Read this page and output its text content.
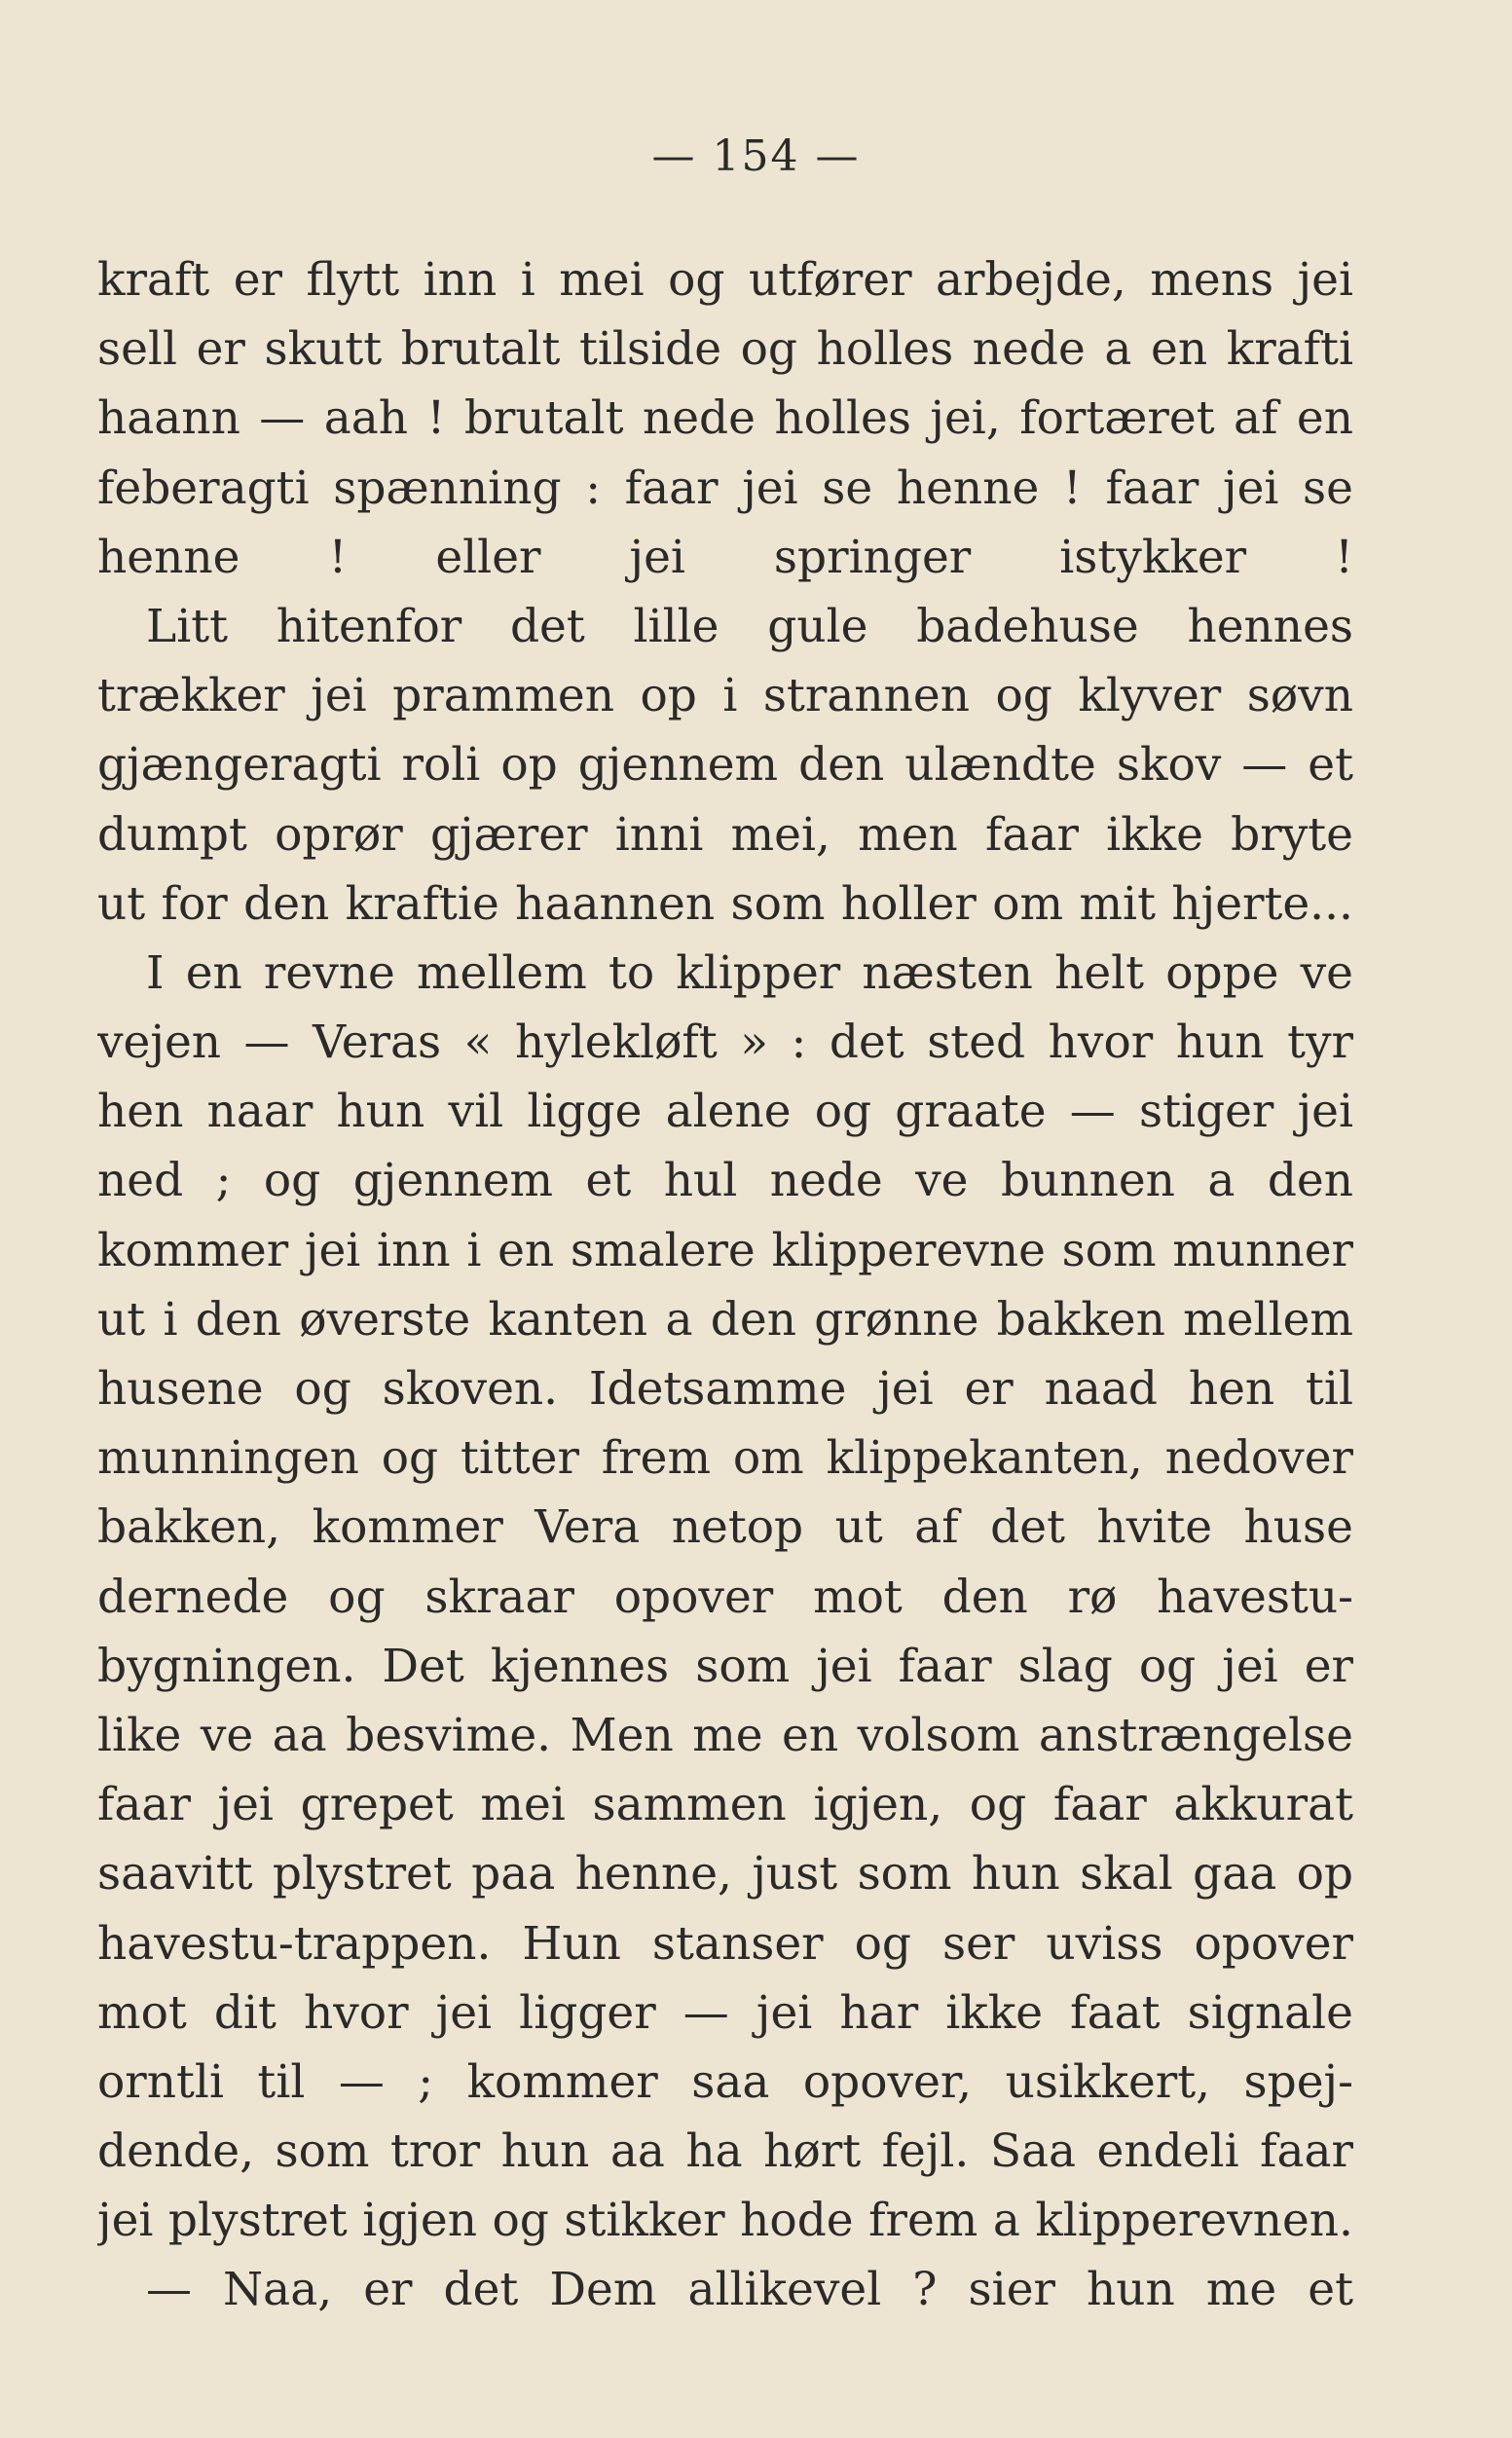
— 154 —
kraft er flytt inn i mei og utfører arbejde, mens jei
sell er skutt brutalt tilside og holles nede a en krafti
haann — aah ! brutalt nede holles jei, fortæret af en
feberagti spænning : faar jei se henne ! faar jei se
henne ! eller jei springer istykker !
Litt hitenfor det lille gule badehuse hennes
trækker jei prammen op i strannen og klyver søvn
gjængeragti roli op gjennem den ulændte skov — et
dumpt oprør gjærer inni mei, men faar ikke bryte
ut for den kraftie haannen som holler om mit hjerte...
I en revne mellem to klipper næsten helt oppe ve
vejen — Veras « hylekløft » : det sted hvor hun tyr
hen naar hun vil ligge alene og graate — stiger jei
ned ; og gjennem et hul nede ve bunnen a den
kommer jei inn i en smalere klipperevne som munner
ut i den øverste kanten a den grønne bakken mellem
husene og skoven. Idetsamme jei er naad hen til
munningen og titter frem om klippekanten, nedover
bakken, kommer Vera netop ut af det hvite huse
dernede og skraar opover mot den rø havestu-
bygningen. Det kjennes som jei faar slag og jei er
like ve aa besvime. Men me en volsom anstrængelse
faar jei grepet mei sammen igjen, og faar akkurat
saavitt plystret paa henne, just som hun skal gaa op
havestu-trappen. Hun stanser og ser uviss opover
mot dit hvor jei ligger — jei har ikke faat signale
orntli til — ; kommer saa opover, usikkert, spej-
dende, som tror hun aa ha hørt fejl. Saa endeli faar
jei plystret igjen og stikker hode frem a klipperevnen.
— Naa, er det Dem allikevel ? sier hun me et
